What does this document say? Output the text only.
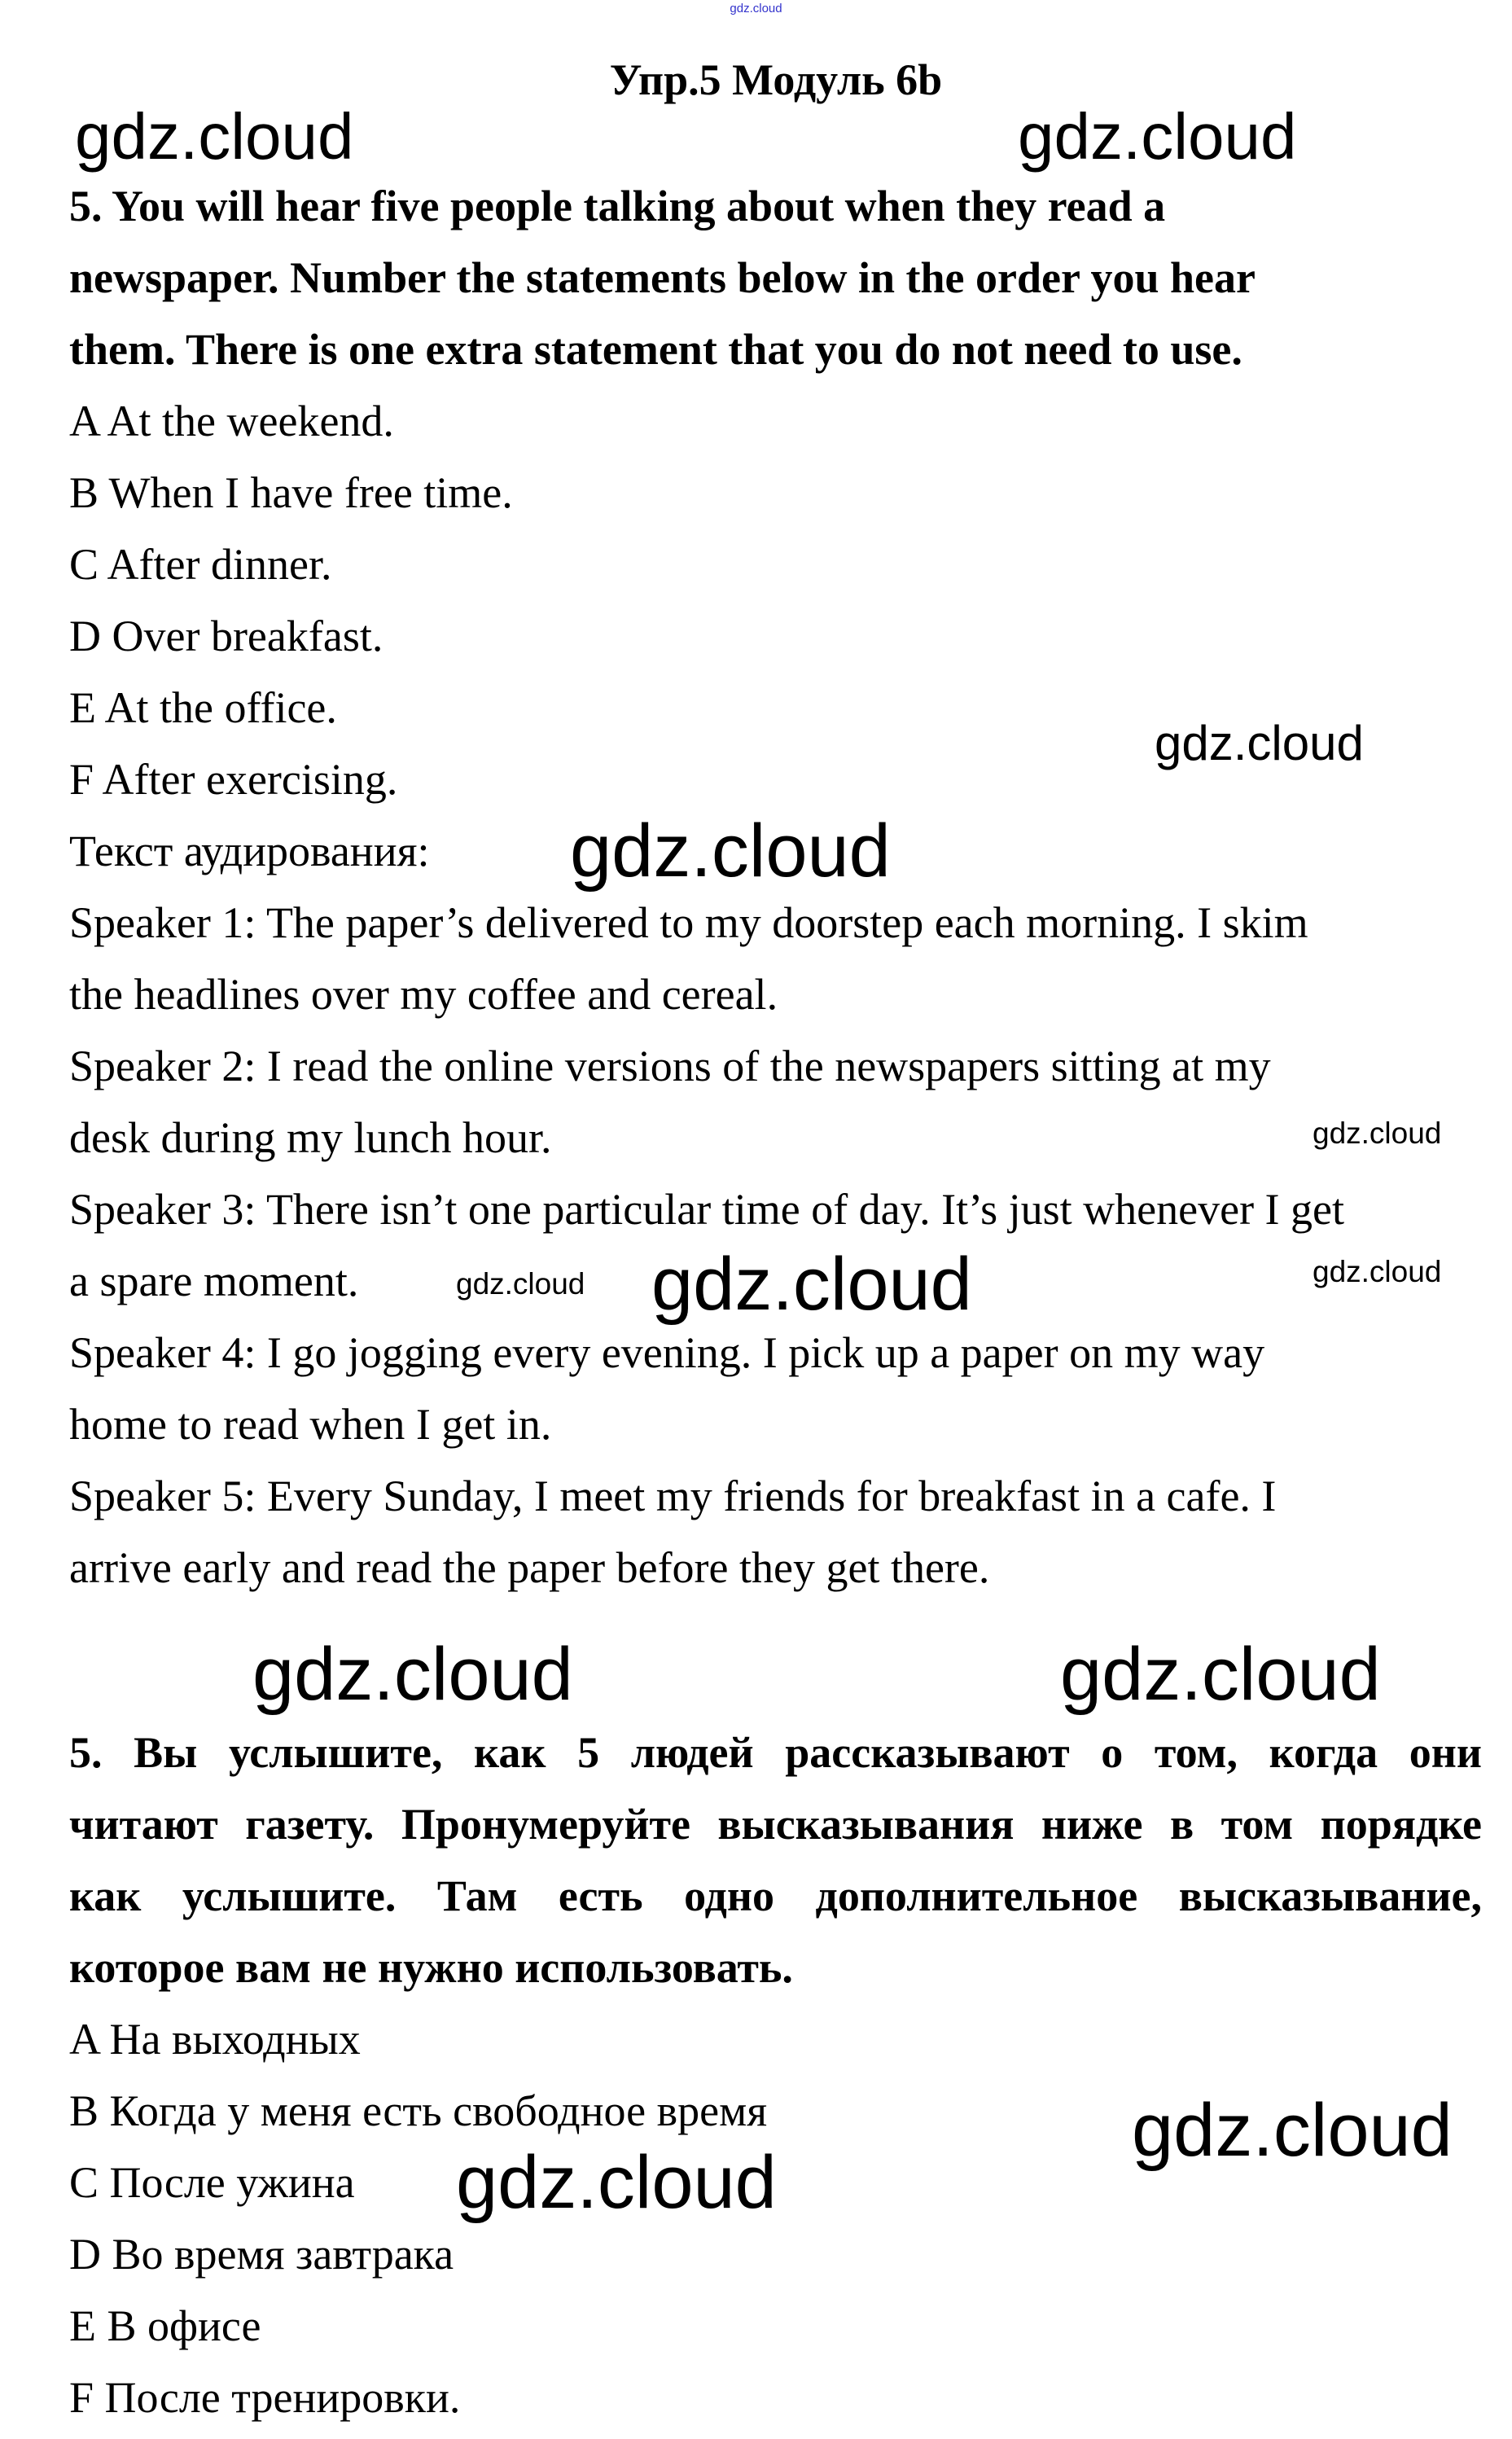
gdz.cloud
Упр.5 Модуль 6b
5. You will hear five people talking about when they read a
newspaper. Number the statements below in the order you hear
them. There is one extra statement that you do not need to use.
A At the weekend.
B When I have free time.
C After dinner.
D Over breakfast.
E At the office.
F After exercising.
Текст аудирования:
Speaker 1: The paper’s delivered to my doorstep each morning. I skim
the headlines over my coffee and cereal.
Speaker 2: I read the online versions of the newspapers sitting at my
desk during my lunch hour.
Speaker 3: There isn’t one particular time of day. It’s just whenever I get
a spare moment.
Speaker 4: I go jogging every evening. I pick up a paper on my way
home to read when I get in.
Speaker 5: Every Sunday, I meet my friends for breakfast in a cafe. I
arrive early and read the paper before they get there.
5. Вы услышите, как 5 людей рассказывают о том, когда они
читают газету. Пронумеруйте высказывания ниже в том порядке
как услышите. Там есть одно дополнительное высказывание,
которое вам не нужно использовать.
A На выходных
B Когда у меня есть свободное время
C После ужина
D Во время завтрака
E В офисе
F После тренировки.
gdz.cloud	gdz.cloud
gdz.cloud
gdz.cloud
gdz.cloud
gdz.cloud	gdz.cloud
gdz.cloud
gdz.cloud	gdz.cloud
gdz.cloud
gdz.cloud
